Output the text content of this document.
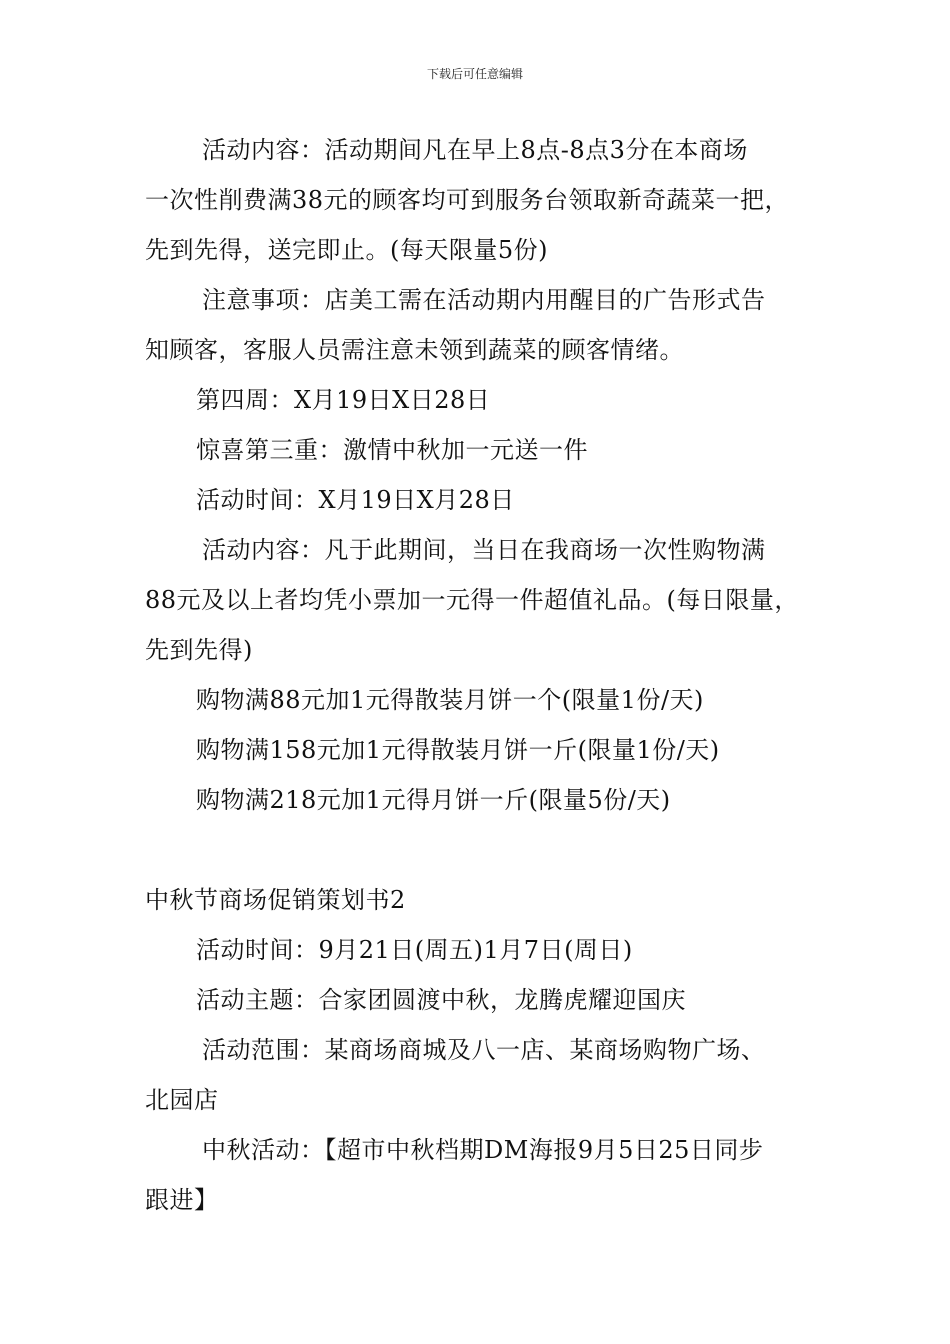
下载后可任意编辑
活动内容：活动期间凡在早上8点-8点3分在本商场
一次性削费满38元的顾客均可到服务台领取新奇蔬菜一把，
先到先得，送完即止。(每天限量5份)
注意事项：店美工需在活动期内用醒目的广告形式告
知顾客，客服人员需注意未领到蔬菜的顾客情绪。
第四周：X月19日X日28日
惊喜第三重：激情中秋加一元送一件
活动时间：X月19日X月28日
活动内容：凡于此期间，当日在我商场一次性购物满
88元及以上者均凭小票加一元得一件超值礼品。(每日限量，
先到先得)
购物满88元加1元得散装月饼一个(限量1份/天)
购物满158元加1元得散装月饼一斤(限量1份/天)
购物满218元加1元得月饼一斤(限量5份/天)
中秋节商场促销策划书2
活动时间：9月21日(周五)1月7日(周日)
活动主题：合家团圆渡中秋，龙腾虎耀迎国庆
活动范围：某商场商城及八一店、某商场购物广场、
北园店
中秋活动：【超市中秋档期DM海报9月5日25日同步
跟进】
